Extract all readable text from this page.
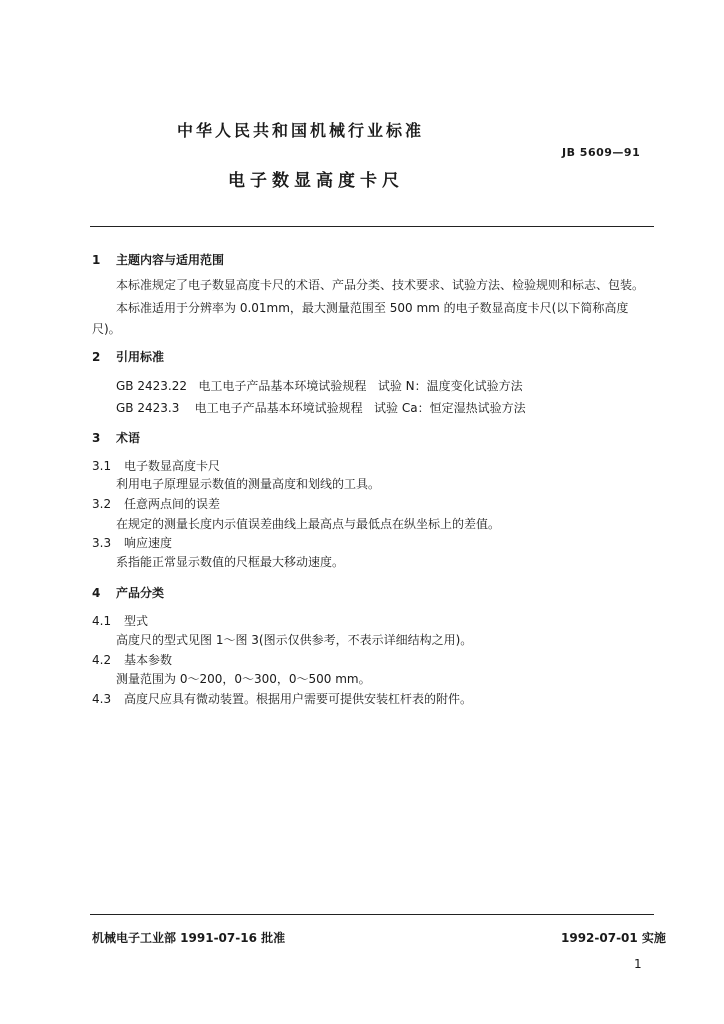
中华人民共和国机械行业标准
JB 5609—91
电子数显高度卡尺
1 主题内容与适用范围
本标准规定了电子数显高度卡尺的术语、产品分类、技术要求、试验方法、检验规则和标志、包装。
本标准适用于分辨率为 0.01mm，最大测量范围至 500 mm 的电子数显高度卡尺(以下简称高度
尺)。
2 引用标准
GB 2423.22   电工电子产品基本环境试验规程   试验 N：温度变化试验方法
GB 2423.3    电工电子产品基本环境试验规程   试验 Ca：恒定湿热试验方法
3 术语
3.1 电子数显高度卡尺
利用电子原理显示数值的测量高度和划线的工具。
3.2 任意两点间的误差
在规定的测量长度内示值误差曲线上最高点与最低点在纵坐标上的差值。
3.3 响应速度
系指能正常显示数值的尺框最大移动速度。
4 产品分类
4.1 型式
高度尺的型式见图 1～图 3(图示仅供参考，不表示详细结构之用)。
4.2 基本参数
测量范围为 0～200，0～300，0～500 mm。
4.3 高度尺应具有微动装置。根据用户需要可提供安装杠杆表的附件。
机械电子工业部 1991-07-16 批准	1992-07-01 实施
1
